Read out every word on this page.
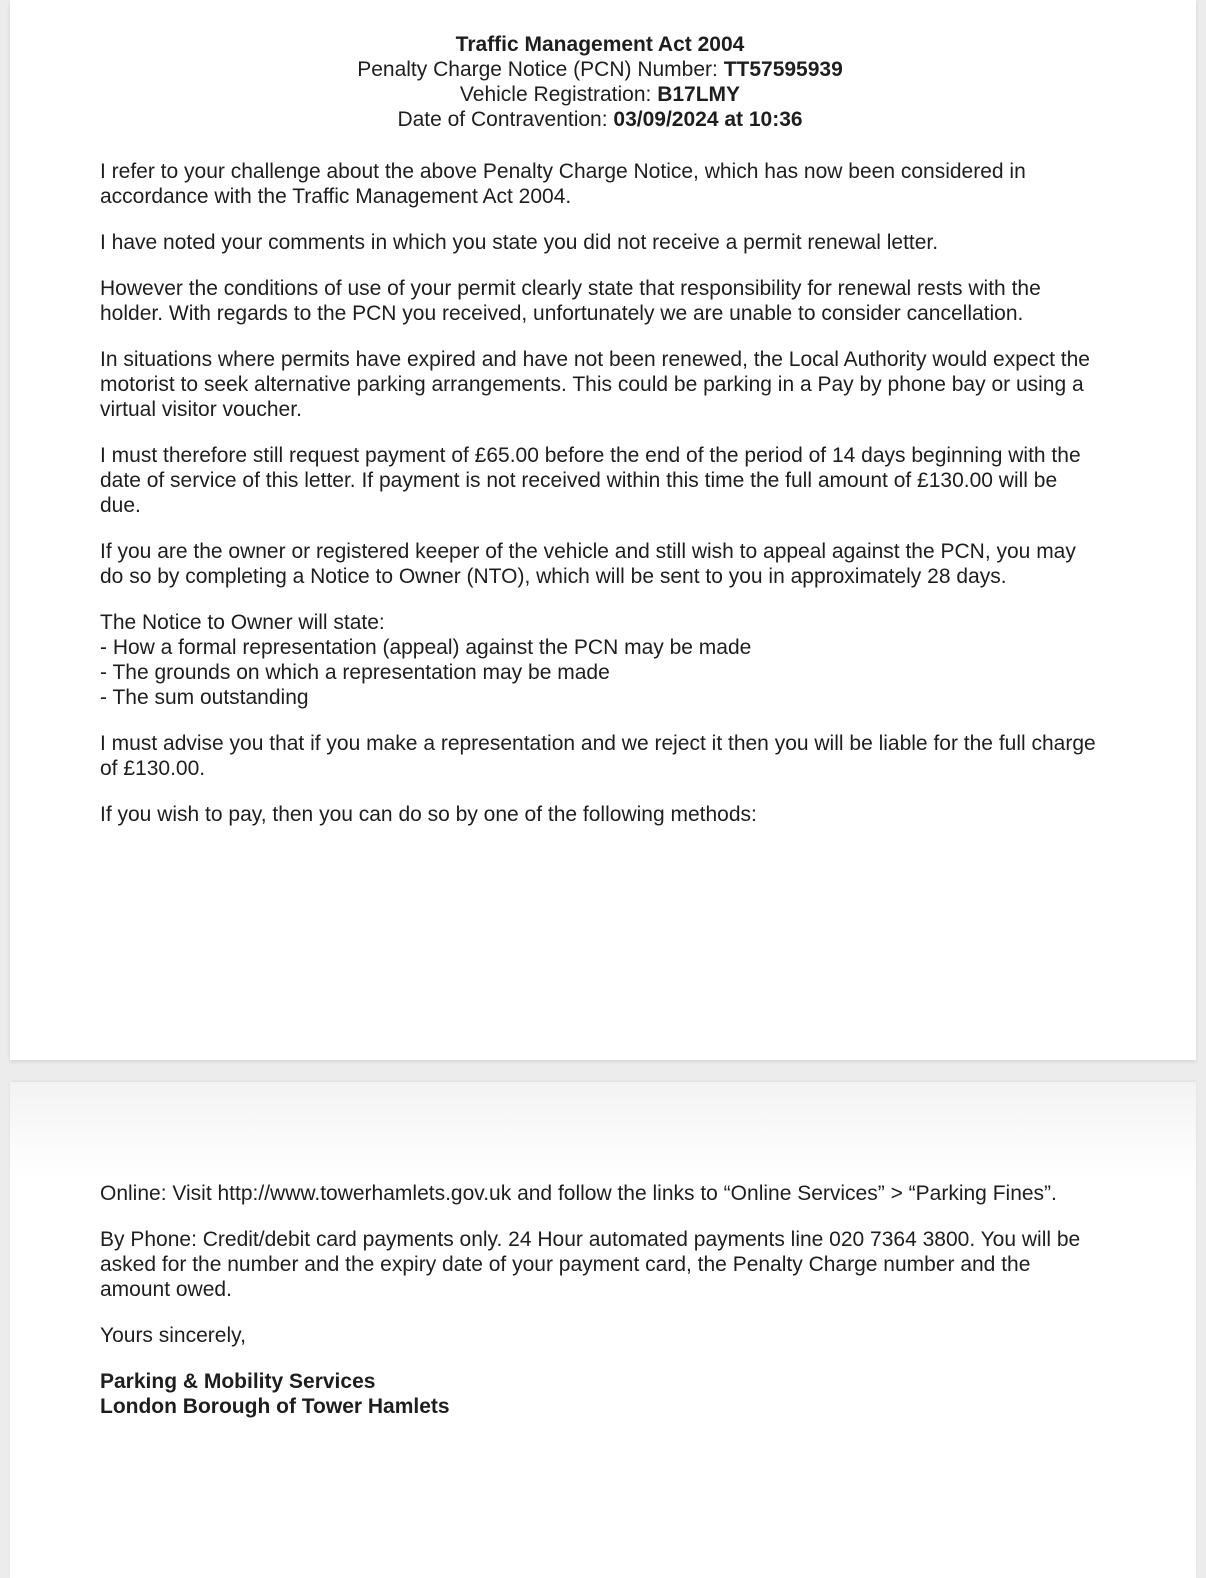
Traffic Management Act 2004
Penalty Charge Notice (PCN) Number: TT57595939
Vehicle Registration: B17LMY
Date of Contravention: 03/09/2024 at 10:36

I refer to your challenge about the above Penalty Charge Notice, which has now been considered in accordance with the Traffic Management Act 2004.

I have noted your comments in which you state you did not receive a permit renewal letter.

However the conditions of use of your permit clearly state that responsibility for renewal rests with the holder. With regards to the PCN you received, unfortunately we are unable to consider cancellation.

In situations where permits have expired and have not been renewed, the Local Authority would expect the motorist to seek alternative parking arrangements. This could be parking in a Pay by phone bay or using a virtual visitor voucher.

I must therefore still request payment of £65.00 before the end of the period of 14 days beginning with the date of service of this letter. If payment is not received within this time the full amount of £130.00 will be due.

If you are the owner or registered keeper of the vehicle and still wish to appeal against the PCN, you may do so by completing a Notice to Owner (NTO), which will be sent to you in approximately 28 days.

The Notice to Owner will state:
- How a formal representation (appeal) against the PCN may be made
- The grounds on which a representation may be made
- The sum outstanding

I must advise you that if you make a representation and we reject it then you will be liable for the full charge of £130.00.

If you wish to pay, then you can do so by one of the following methods:

Online: Visit http://www.towerhamlets.gov.uk and follow the links to “Online Services” > “Parking Fines”.

By Phone: Credit/debit card payments only. 24 Hour automated payments line 020 7364 3800. You will be asked for the number and the expiry date of your payment card, the Penalty Charge number and the amount owed.

Yours sincerely,

Parking & Mobility Services
London Borough of Tower Hamlets
